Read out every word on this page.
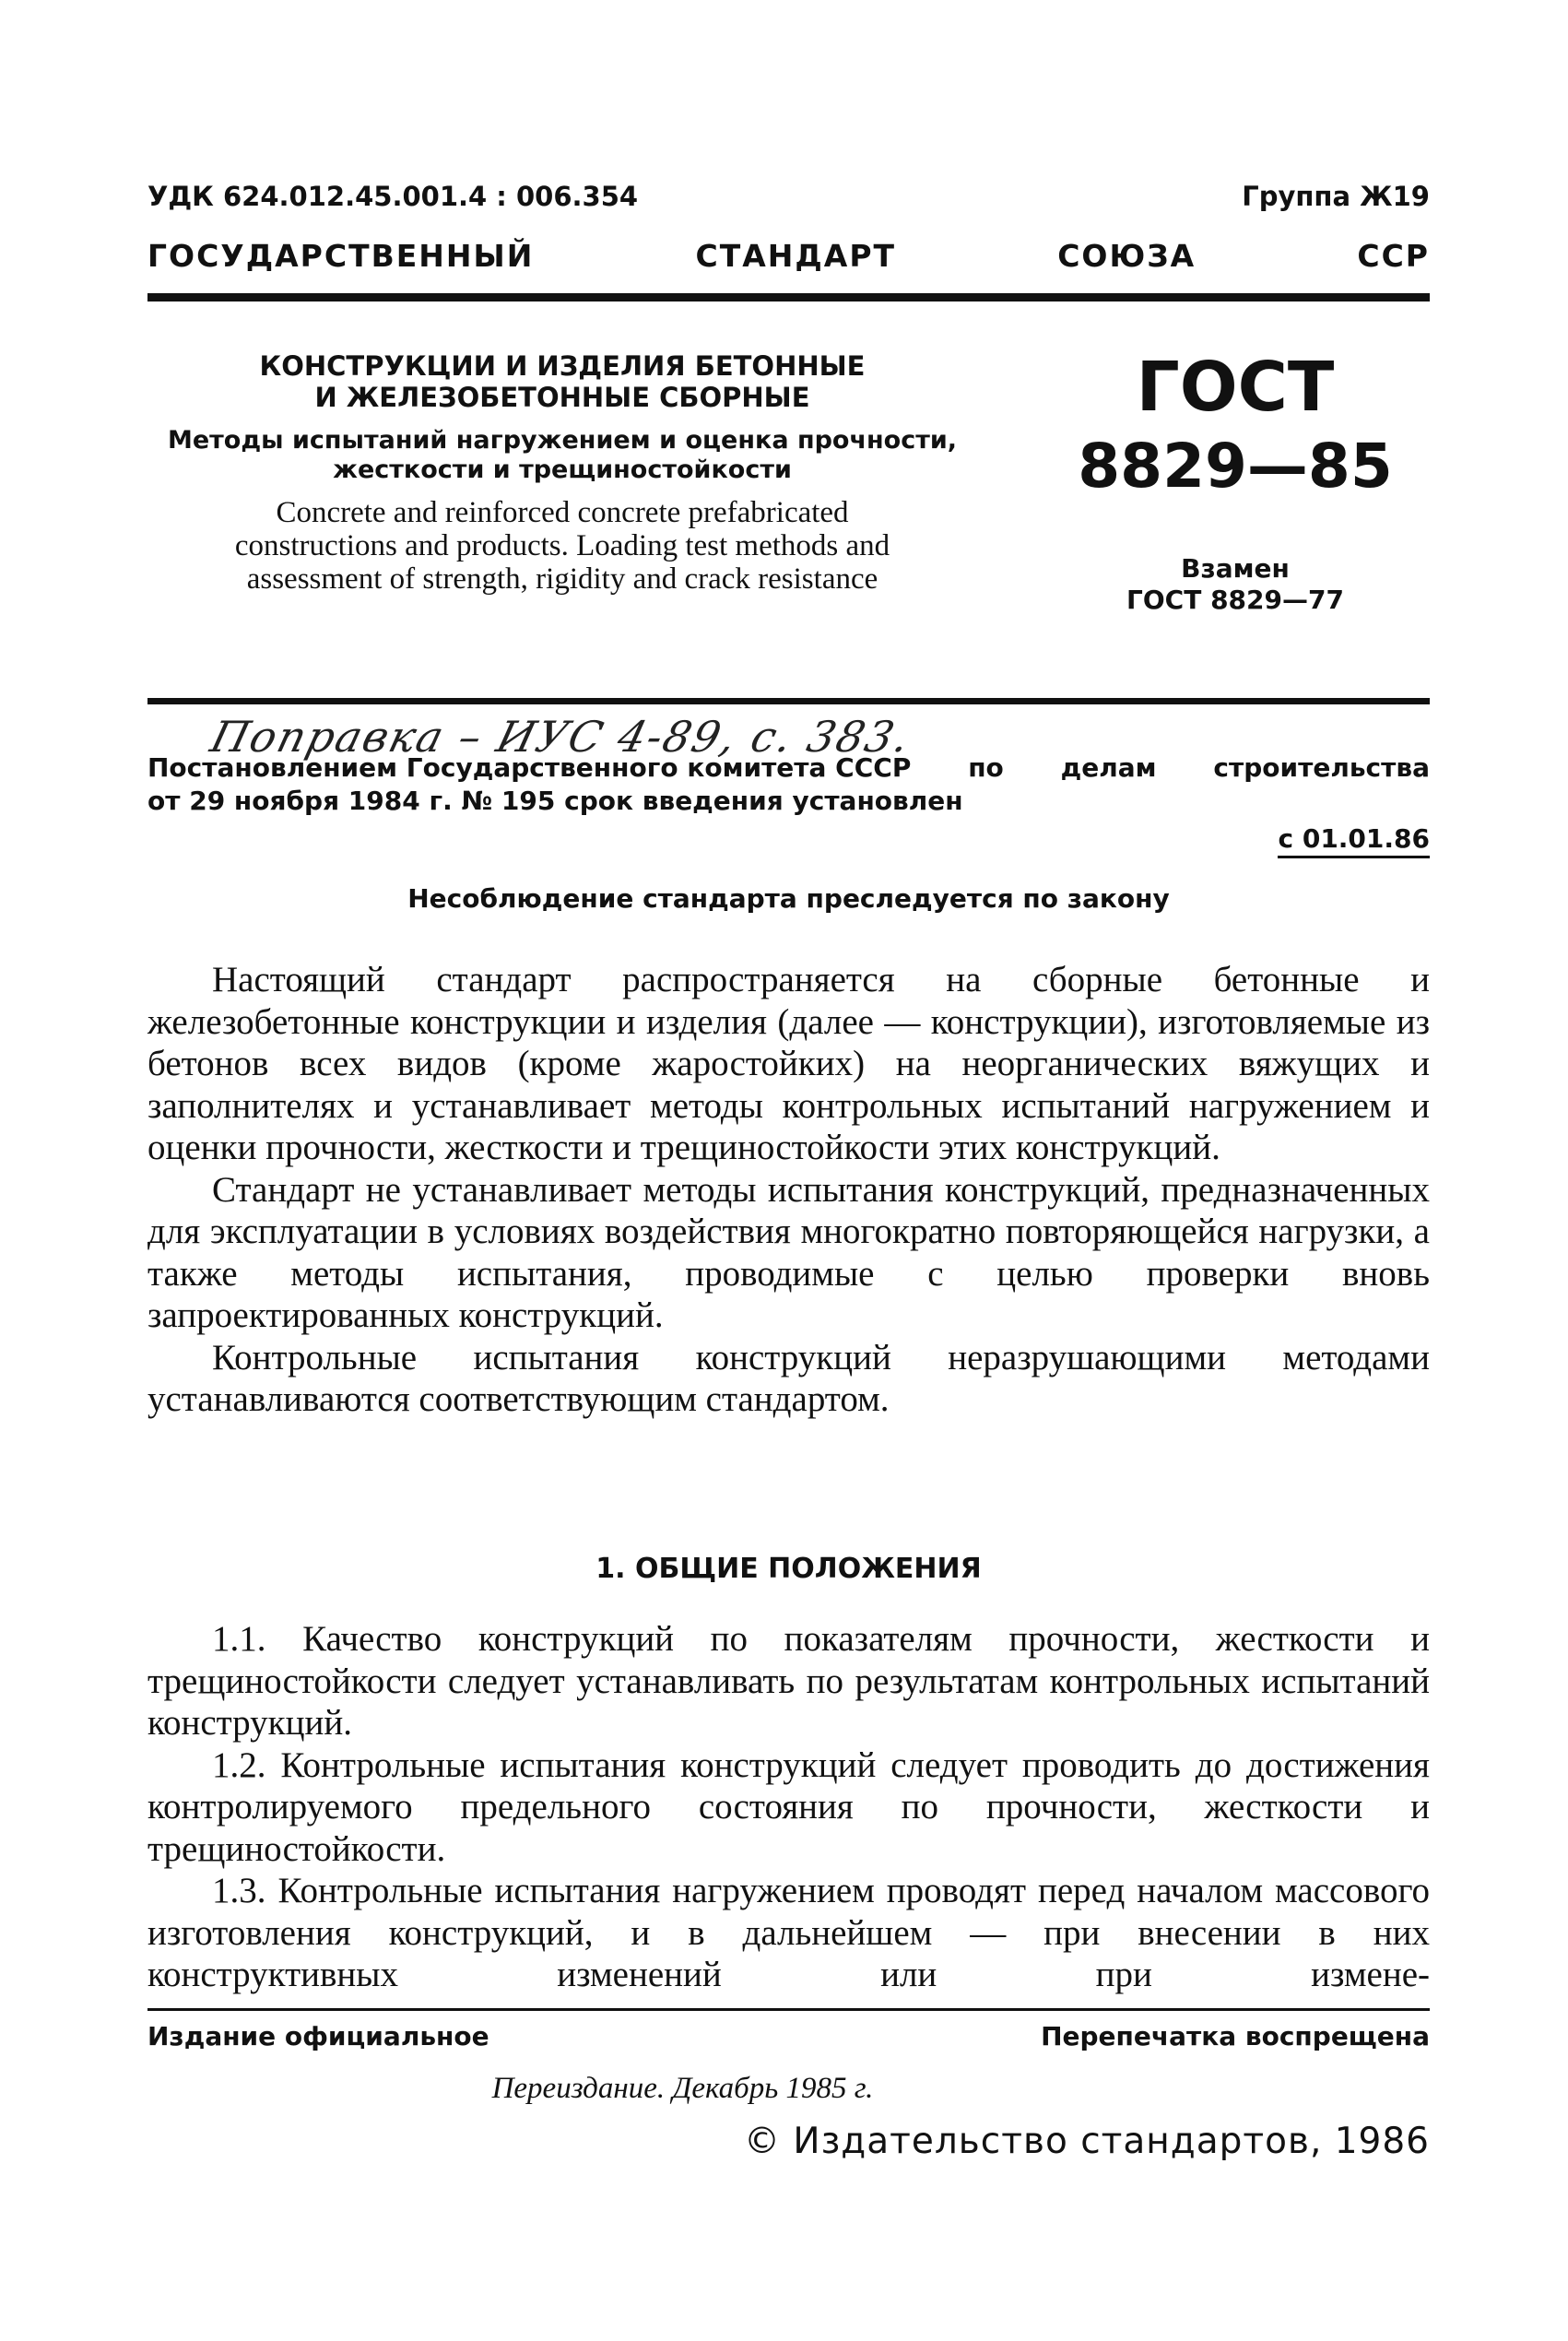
УДК 624.012.45.001.4 : 006.354	Группа Ж19
ГОСУДАРСТВЕННЫЙ	СТАНДАРТ	СОЮЗА	ССР
КОНСТРУКЦИИ И ИЗДЕЛИЯ БЕТОННЫЕ И ЖЕЛЕЗОБЕТОННЫЕ СБОРНЫЕ
Методы испытаний нагружением и оценка прочности, жесткости и трещиностойкости
Concrete and reinforced concrete prefabricated constructions and products. Loading test methods and assessment of strength, rigidity and crack resistance
ГОСТ
8829—85
Взамен
ГОСТ 8829—77
Поправка – ИУС 4-89, с. 383.
Постановлением Государственного комитета СССР по делам строительства
от 29 ноября 1984 г. № 195 срок введения установлен
с 01.01.86
Несоблюдение стандарта преследуется по закону

Настоящий стандарт распространяется на сборные бетонные и железобетонные конструкции и изделия (далее — конструкции), изготовляемые из бетонов всех видов (кроме жаростойких) на неорганических вяжущих и заполнителях и устанавливает методы контрольных испытаний нагружением и оценки прочности, жесткости и трещиностойкости этих конструкций.

Стандарт не устанавливает методы испытания конструкций, предназначенных для эксплуатации в условиях воздействия многократно повторяющейся нагрузки, а также методы испытания, проводимые с целью проверки вновь запроектированных конструкций.

Контрольные испытания конструкций неразрушающими методами устанавливаются соответствующим стандартом.

1. ОБЩИЕ ПОЛОЖЕНИЯ

1.1. Качество конструкций по показателям прочности, жесткости и трещиностойкости следует устанавливать по результатам контрольных испытаний конструкций.

1.2. Контрольные испытания конструкций следует проводить до достижения контролируемого предельного состояния по прочности, жесткости и трещиностойкости.

1.3. Контрольные испытания нагружением проводят перед началом массового изготовления конструкций, и в дальнейшем — при внесении в них конструктивных изменений или при измене-

Издание официальное	Перепечатка воспрещена
Переиздание. Декабрь 1985 г.
© Издательство стандартов, 1986
